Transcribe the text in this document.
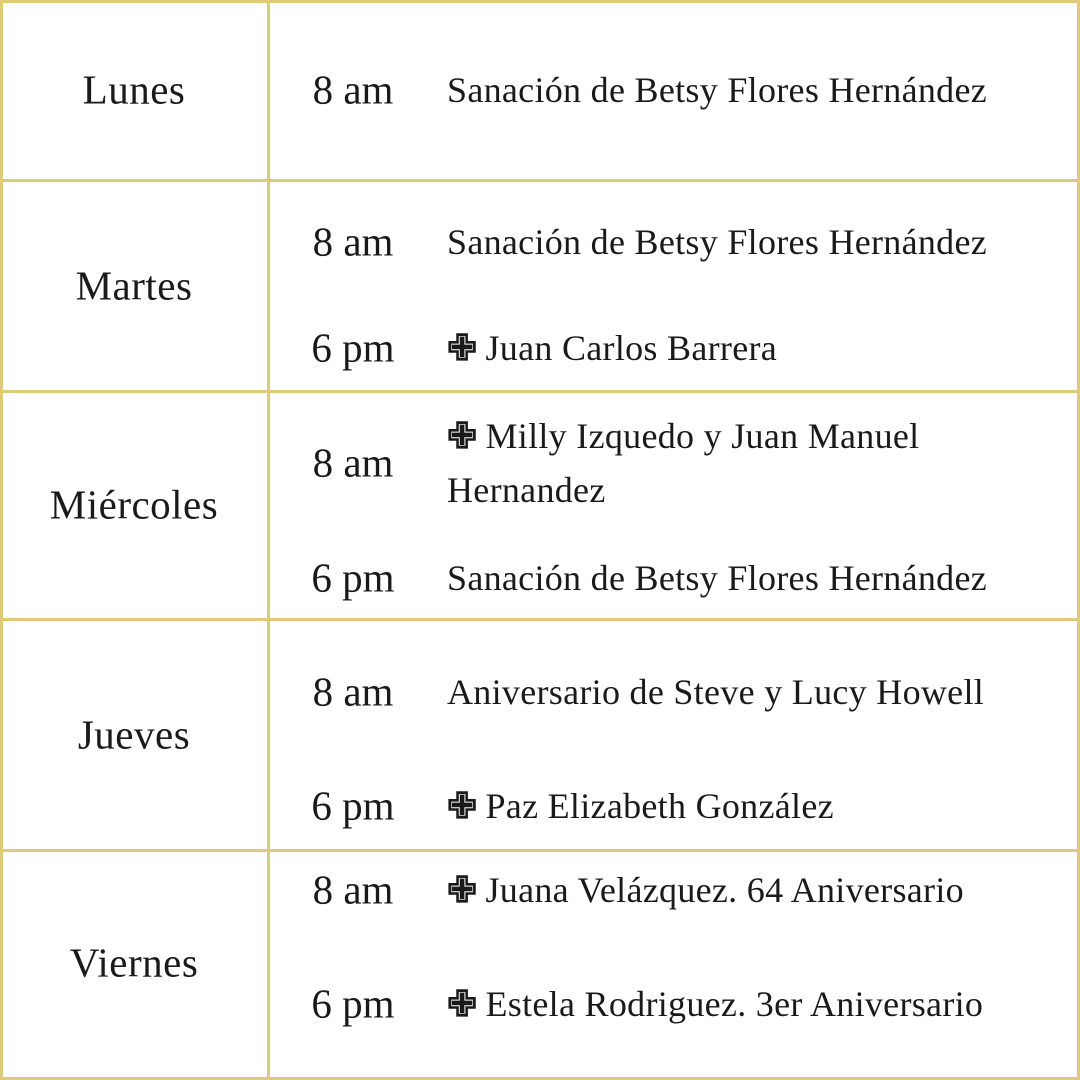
Lunes	8 am Sanación de Betsy Flores Hernández
Martes
8 am Sanación de Betsy Flores Hernández
6 pm ✙ Juan Carlos Barrera
Miércoles
8 am
✙ Milly Izquedo y Juan Manuel Hernandez
6 pm Sanación de Betsy Flores Hernández
Jueves
8 am Aniversario de Steve y Lucy Howell
6 pm ✙ Paz Elizabeth González
Viernes
8 am ✙ Juana Velázquez. 64 Aniversario
6 pm ✙ Estela Rodriguez. 3er Aniversario
